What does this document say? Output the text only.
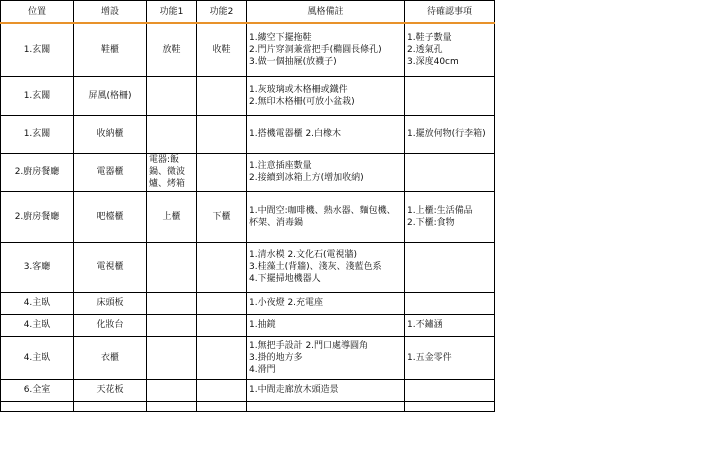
位置	增設	功能1	功能2	風格備註	待確認事項
1.玄關	鞋櫃	放鞋	收鞋	1.縷空下擺拖鞋
2.門片穿洞兼當把手(橢圓長條孔)
3.做一個抽屜(放襪子)	1.鞋子數量
2.透氣孔
3.深度40cm

1.玄關	屏風(格柵)			1.灰玻璃或木格柵或鐵件
2.無印木格柵(可放小盆栽)	

1.玄關	收納櫃			1.搭機電器櫃 2.白橡木	1.擺放何物(行李箱)

2.廚房餐廳	電器櫃	電器:飯鍋、微波爐、烤箱		1.注意插座數量
2.接續到冰箱上方(增加收納)	

2.廚房餐廳	吧檯櫃	上櫃	下櫃	1.中間空:咖啡機、熱水器、麵包機、杯架、消毒鍋	1.上櫃:生活備品
2.下櫃:食物

3.客廳	電視櫃			1.清水模 2.文化石(電視牆)
3.桂藻土(背牆)、淺灰、淺藍色系
4.下擺掃地機器人	

4.主臥	床頭板			1.小夜燈 2.充電座	

4.主臥	化妝台			1.抽鏡	1.不鏽涵

4.主臥	衣櫃			1.無把手設計 2.門口處導圓角
3.掛的地方多
4.滑門	1.五金零件

6.全室	天花板			1.中間走廊放木頭造景	
